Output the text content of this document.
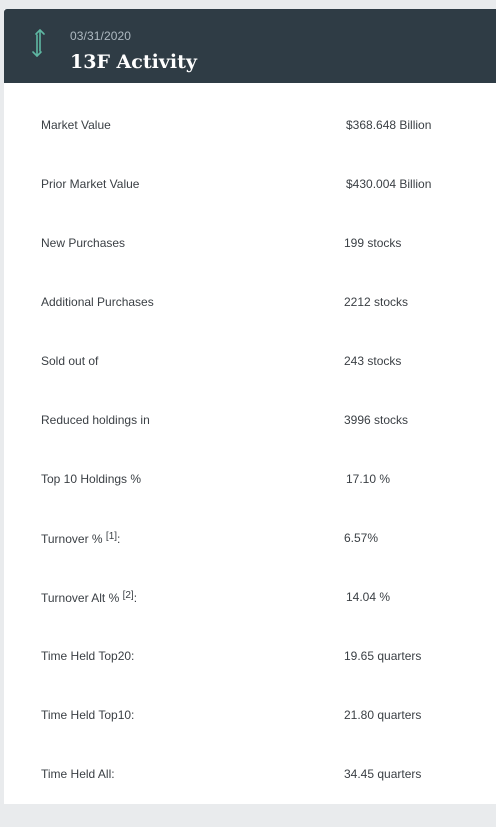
03/31/2020
13F Activity
Market Value	$368.648 Billion
Prior Market Value	$430.004 Billion
New Purchases	199 stocks
Additional Purchases	2212 stocks
Sold out of	243 stocks
Reduced holdings in	3996 stocks
Top 10 Holdings %	17.10 %
Turnover % [1]:	6.57%
Turnover Alt % [2]:	14.04 %
Time Held Top20:	19.65 quarters
Time Held Top10:	21.80 quarters
Time Held All:	34.45 quarters
